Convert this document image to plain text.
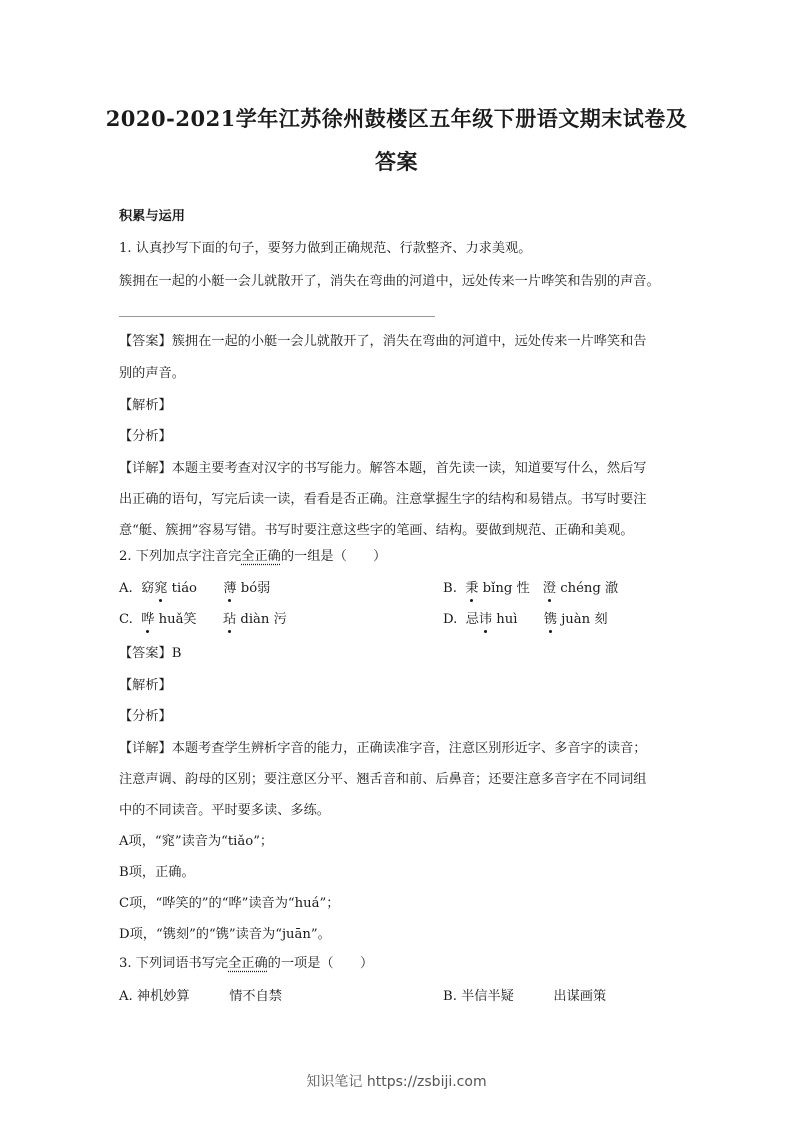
2020-2021学年江苏徐州鼓楼区五年级下册语文期末试卷及
答案
积累与运用
1. 认真抄写下面的句子，要努力做到正确规范、行款整齐、力求美观。
簇拥在一起的小艇一会儿就散开了，消失在弯曲的河道中，远处传来一片哗笑和告别的声音。
【答案】簇拥在一起的小艇一会儿就散开了，消失在弯曲的河道中，远处传来一片哗笑和告
别的声音。
【解析】
【分析】
【详解】本题主要考查对汉字的书写能力。解答本题，首先读一读，知道要写什么，然后写
出正确的语句，写完后读一读，看看是否正确。注意掌握生字的结构和易错点。书写时要注
意“艇、簇拥”容易写错。书写时要注意这些字的笔画、结构。要做到规范、正确和美观。
2. 下列加点字注音完全正确的一组是（　　）
A. 窈窕 tiáo　　薄 bó弱	B. 秉 bǐng 性　澄 chéng 澈
C. 哗 huǎ笑　　玷 diàn 污	D. 忌讳 huì　　镌 juàn 刻
【答案】B
【解析】
【分析】
【详解】本题考查学生辨析字音的能力，正确读准字音，注意区别形近字、多音字的读音；
注意声调、韵母的区别；要注意区分平、翘舌音和前、后鼻音；还要注意多音字在不同词组
中的不同读音。平时要多读、多练。
A项，“窕”读音为“tiǎo”；
B项，正确。
C项，“哗笑的”的“哗”读音为“huá”；
D项，“镌刻”的“镌”读音为“juān”。
3. 下列词语书写完全正确的一项是（　　）
A. 神机妙算　　　情不自禁	B. 半信半疑　　　出谋画策
知识笔记 https://zsbiji.com
